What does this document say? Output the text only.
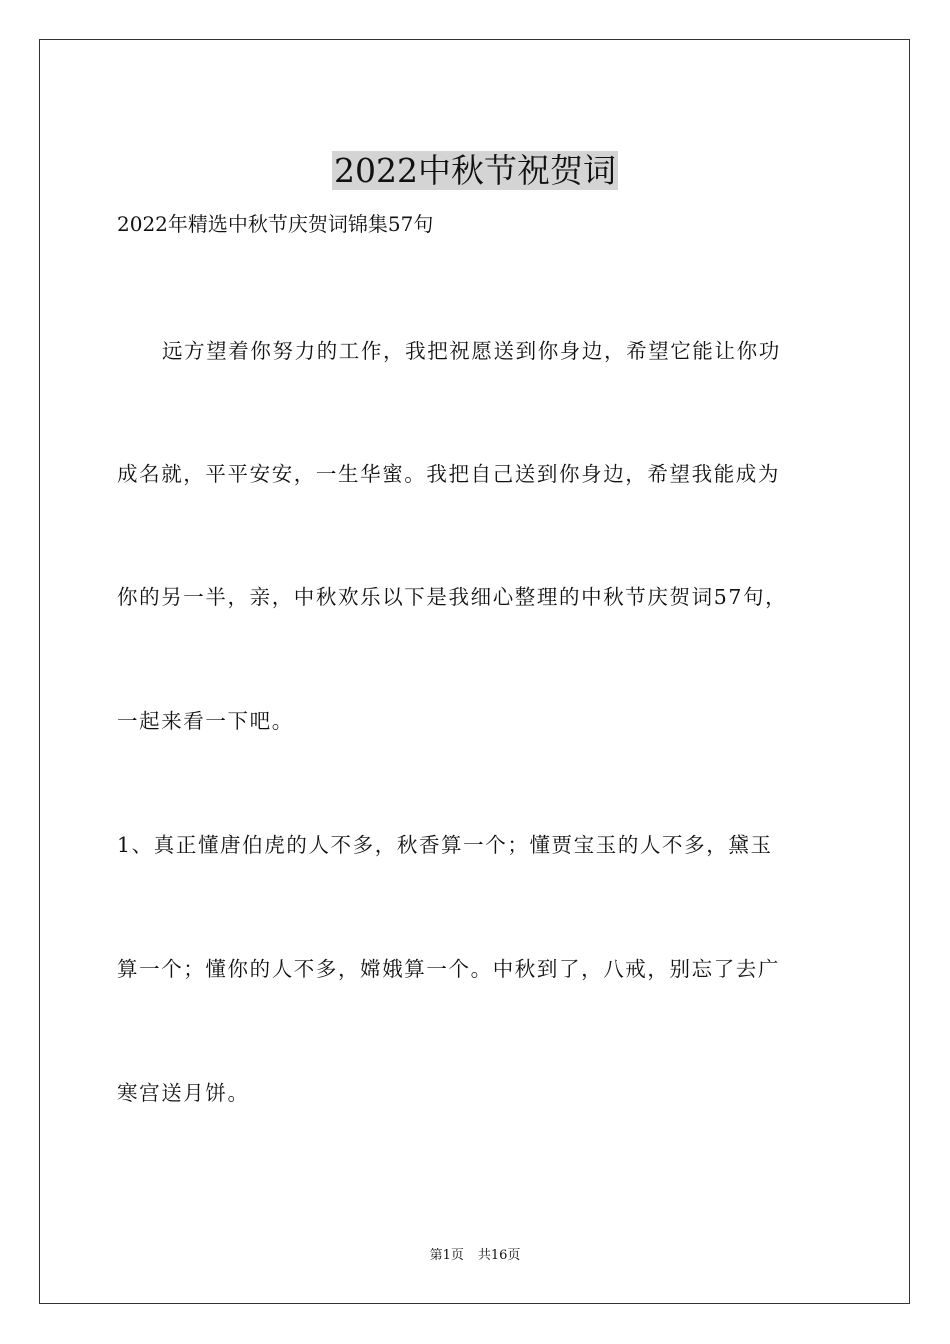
2022中秋节祝贺词
2022年精选中秋节庆贺词锦集57句
远方望着你努力的工作，我把祝愿送到你身边，希望它能让你功
成名就，平平安安，一生华蜜。我把自己送到你身边，希望我能成为
你的另一半，亲，中秋欢乐以下是我细心整理的中秋节庆贺词57句，
一起来看一下吧。
1、真正懂唐伯虎的人不多，秋香算一个；懂贾宝玉的人不多，黛玉
算一个；懂你的人不多，嫦娥算一个。中秋到了，八戒，别忘了去广
寒宫送月饼。
第1页 共16页
